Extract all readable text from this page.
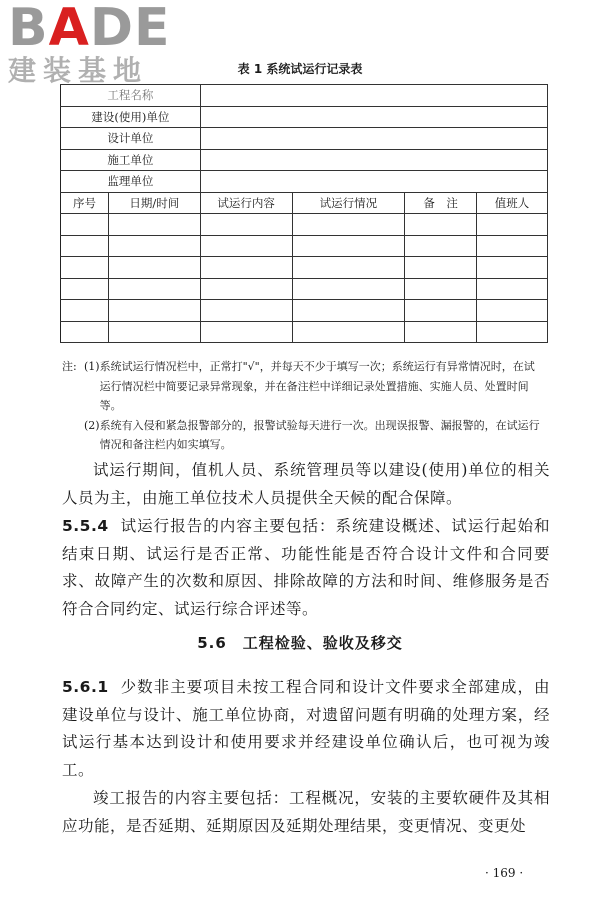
BADE
建装基地	表 1 系统试运行记录表
工程名称					
建设(使用)单位					
设计单位					
施工单位					
监理单位					
序号	日期/时间	试运行内容	试运行情况	备　注	值班人

注: (1) 系统试运行情况栏中，正常打"√"，并每天不少于填写一次；系统运行有异常情况时，在试运行情况栏中简要记录异常现象，并在备注栏中详细记录处置措施、实施人员、处置时间等。
(2) 系统有入侵和紧急报警部分的，报警试验每天进行一次。出现误报警、漏报警的，在试运行情况和备注栏内如实填写。

试运行期间，值机人员、系统管理员等以建设(使用)单位的相关人员为主，由施工单位技术人员提供全天候的配合保障。

5.5.4 试运行报告的内容主要包括：系统建设概述、试运行起始和结束日期、试运行是否正常、功能性能是否符合设计文件和合同要求、故障产生的次数和原因、排除故障的方法和时间、维修服务是否符合合同约定、试运行综合评述等。

5.6　工程检验、验收及移交

5.6.1 少数非主要项目未按工程合同和设计文件要求全部建成，由建设单位与设计、施工单位协商，对遗留问题有明确的处理方案，经试运行基本达到设计和使用要求并经建设单位确认后，也可视为竣工。

竣工报告的内容主要包括：工程概况，安装的主要软硬件及其相应功能，是否延期、延期原因及延期处理结果，变更情况、变更处

· 169 ·
